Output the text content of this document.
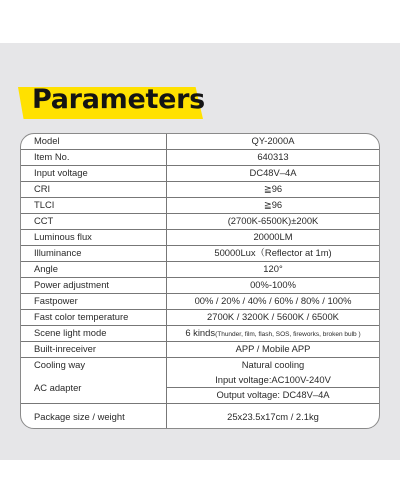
Parameters
Model	QY-2000A
Item No.	640313
Input voltage	DC48V–4A
CRI	≧96
TLCI	≧96
CCT	(2700K-6500K)±200K
Luminous flux	20000LM
Illuminance	50000Lux（Reflector at 1m)
Angle	120°
Power adjustment	00%-100%
Fastpower	00% / 20% / 40% / 60% / 80% / 100%
Fast color temperature	2700K / 3200K / 5600K / 6500K
Scene light mode	6 kinds(Thunder, film, flash, SOS, fireworks, broken bulb )
Built-inreceiver	APP / Mobile APP
Cooling way	Natural cooling
AC adapter	Input voltage:AC100V-240V
	Output voltage: DC48V–4A
Package size / weight	25x23.5x17cm / 2.1kg
